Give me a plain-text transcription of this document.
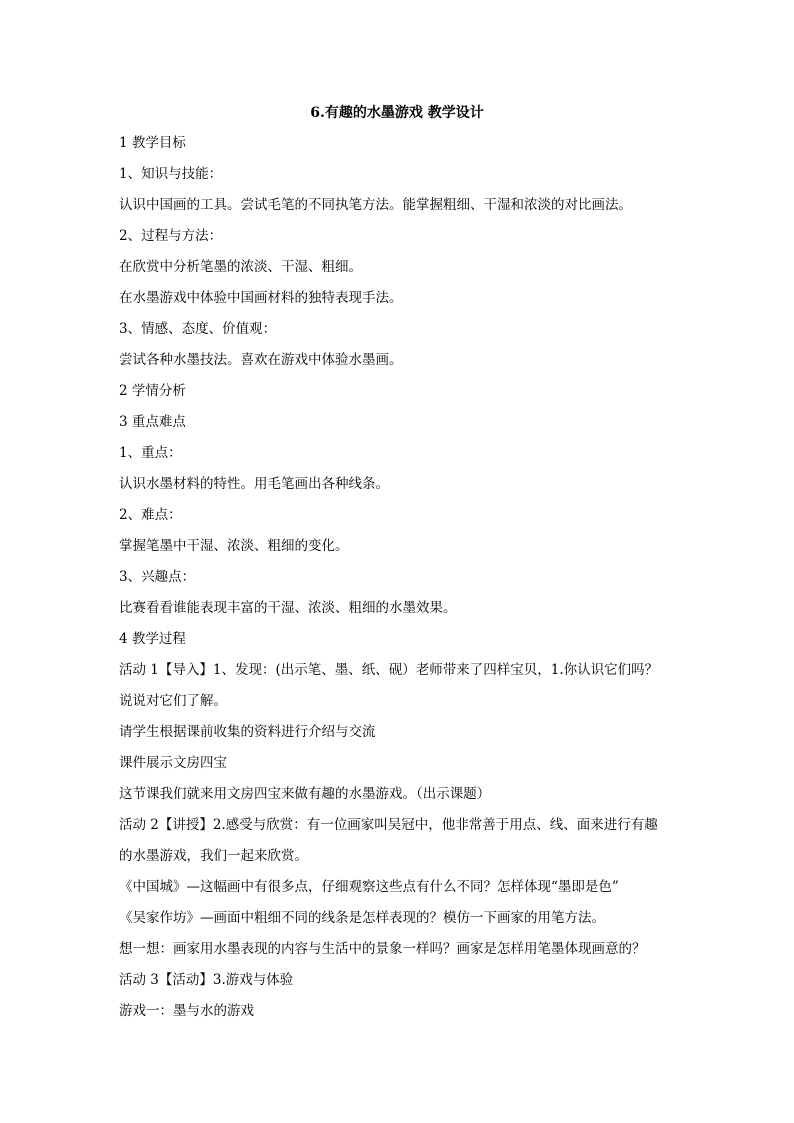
6.有趣的水墨游戏 教学设计
1 教学目标
1、知识与技能：
认识中国画的工具。尝试毛笔的不同执笔方法。能掌握粗细、干湿和浓淡的对比画法。
2、过程与方法：
在欣赏中分析笔墨的浓淡、干湿、粗细。
在水墨游戏中体验中国画材料的独特表现手法。
3、情感、态度、价值观：
尝试各种水墨技法。喜欢在游戏中体验水墨画。
2 学情分析
3 重点难点
1、重点：
认识水墨材料的特性。用毛笔画出各种线条。
2、难点：
掌握笔墨中干湿、浓淡、粗细的变化。
3、兴趣点：
比赛看看谁能表现丰富的干湿、浓淡、粗细的水墨效果。
4 教学过程
活动 1【导入】1、发现：(出示笔、墨、纸、砚）老师带来了四样宝贝，1.你认识它们吗？
说说对它们了解。
请学生根据课前收集的资料进行介绍与交流
课件展示文房四宝
这节课我们就来用文房四宝来做有趣的水墨游戏。（出示课题）
活动 2【讲授】2.感受与欣赏：有一位画家叫吴冠中，他非常善于用点、线、面来进行有趣
的水墨游戏，我们一起来欣赏。
《中国城》—这幅画中有很多点，仔细观察这些点有什么不同？怎样体现“墨即是色”
《吴家作坊》—画面中粗细不同的线条是怎样表现的？模仿一下画家的用笔方法。
想一想：画家用水墨表现的内容与生活中的景象一样吗？画家是怎样用笔墨体现画意的？
活动 3【活动】3.游戏与体验
游戏一：墨与水的游戏
